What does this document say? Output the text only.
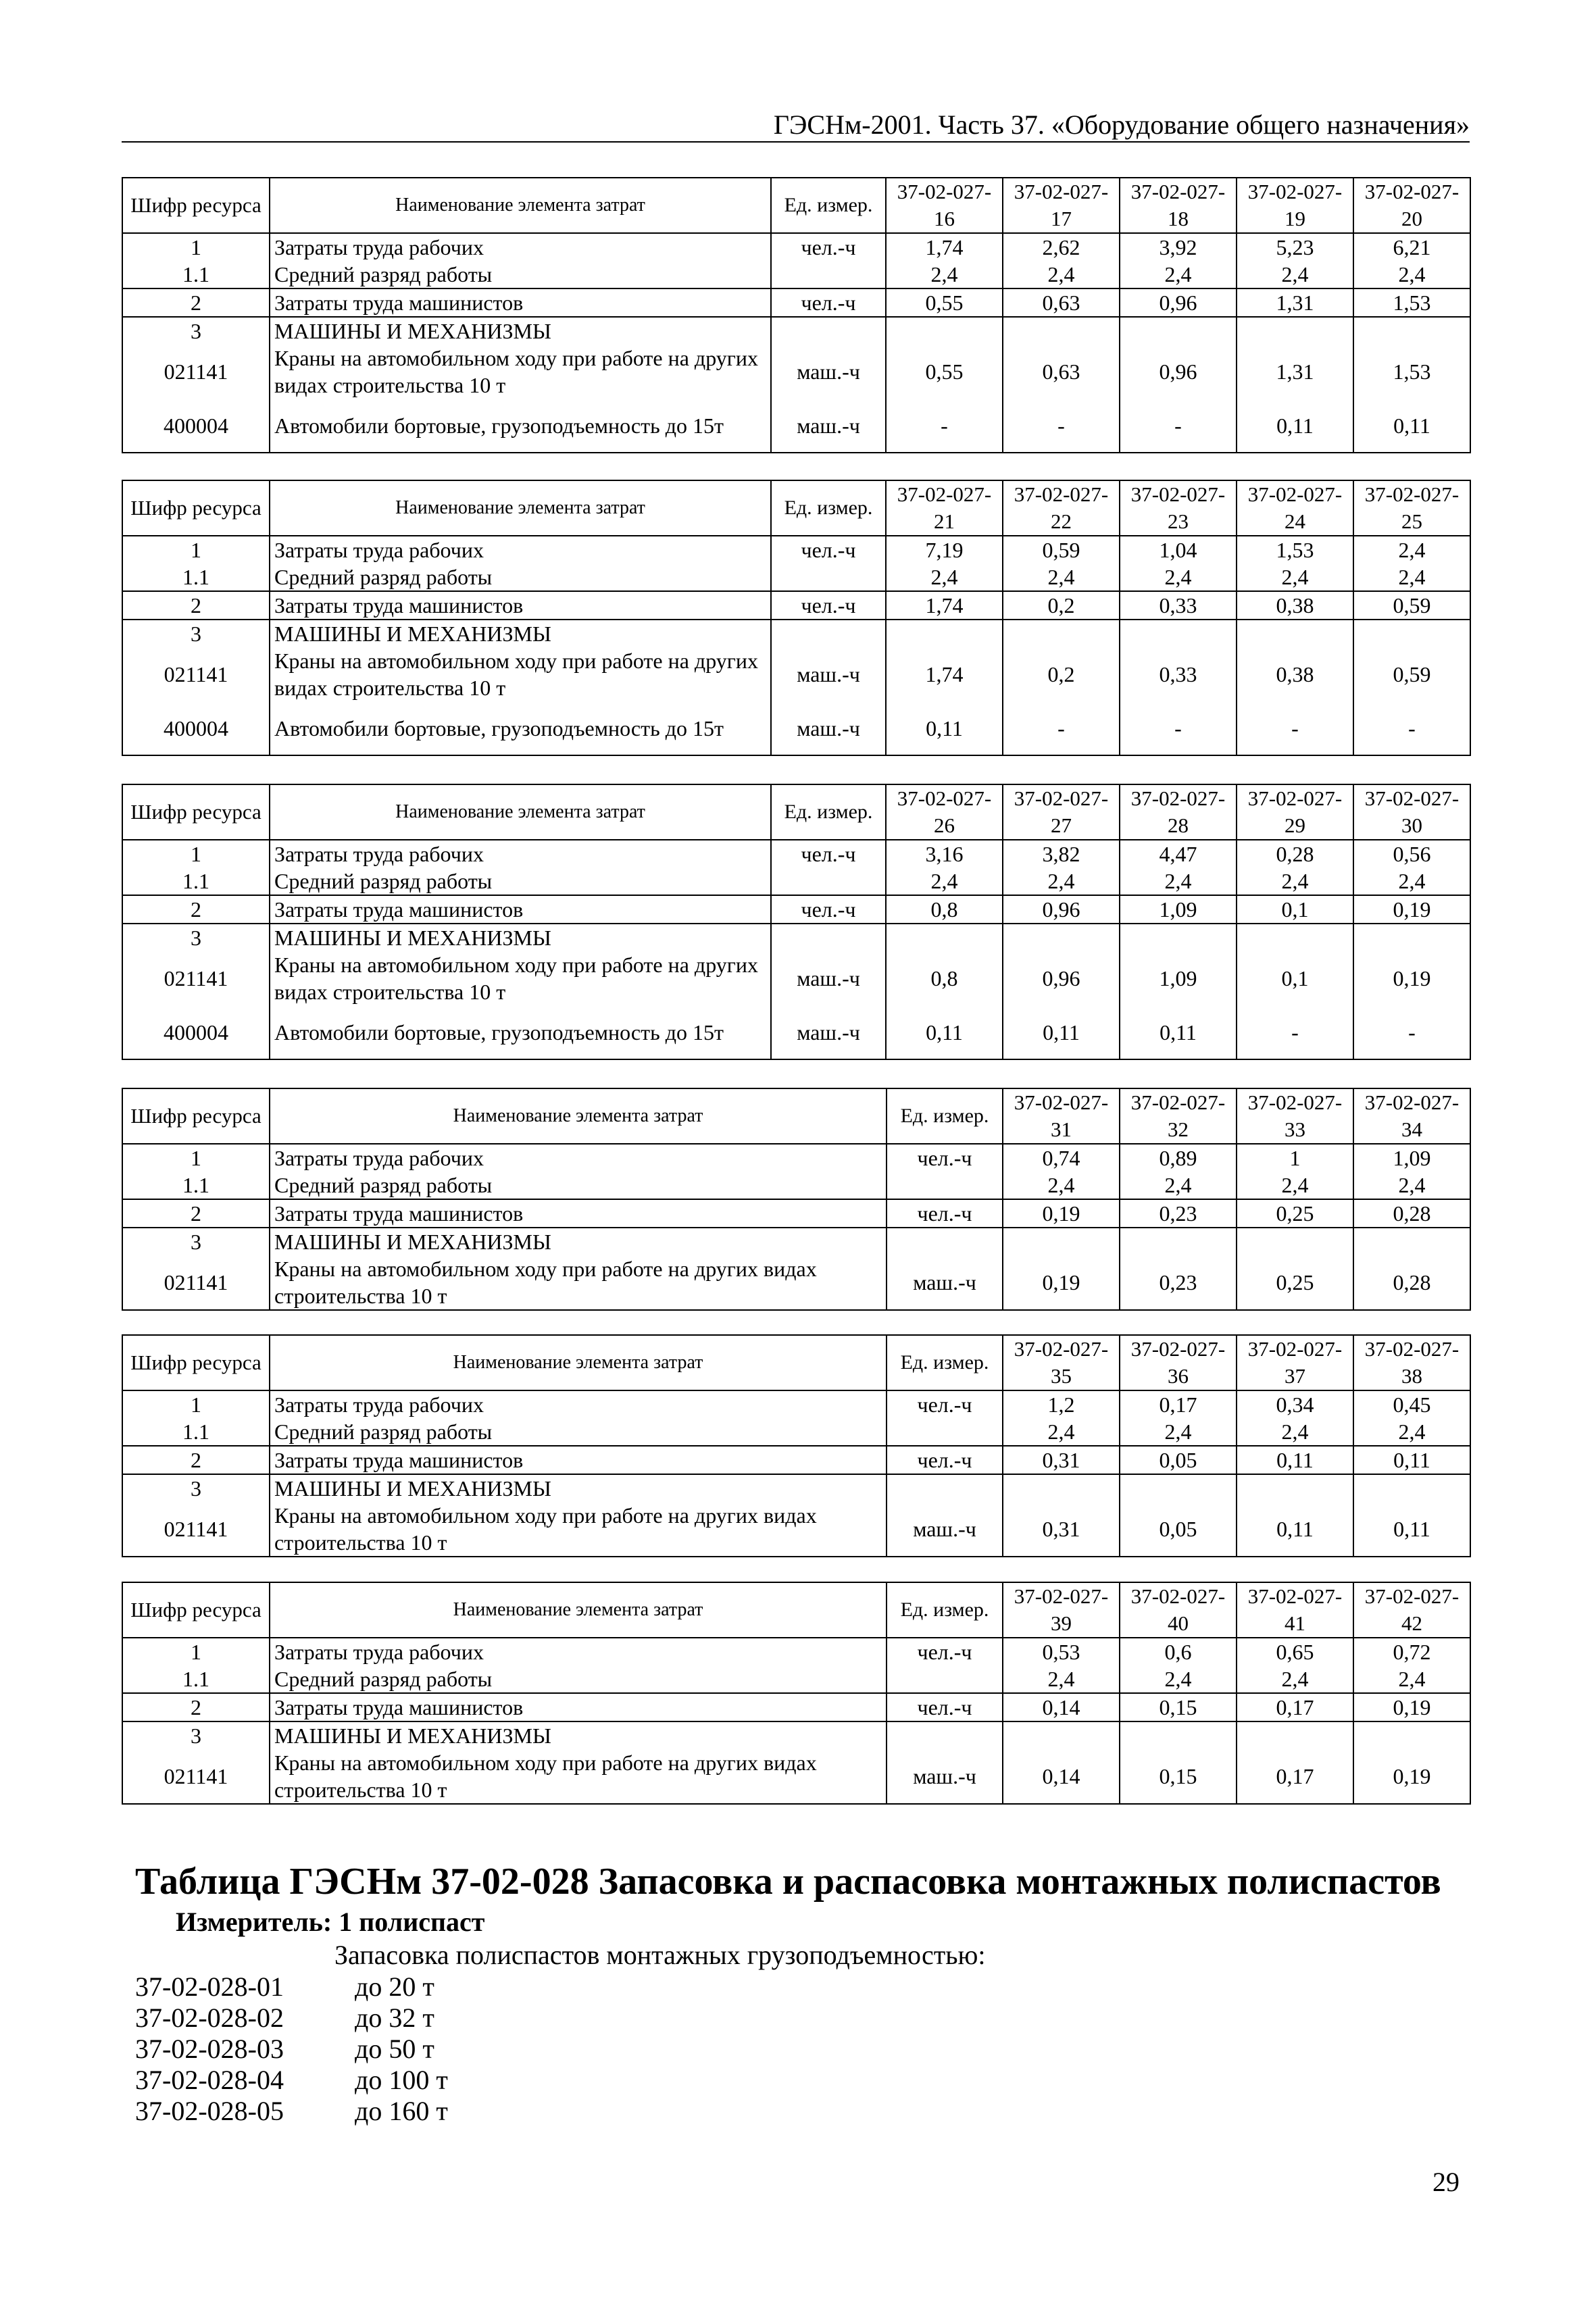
ГЭСНм-2001. Часть 37. «Оборудование общего назначения»
Шифр ресурса	Наименование элемента затрат	Ед. измер.	37-02-027-16	37-02-027-17	37-02-027-18	37-02-027-19	37-02-027-20
1	Затраты труда рабочих	чел.-ч	1,74	2,62	3,92	5,23	6,21
1.1	Средний разряд работы		2,4	2,4	2,4	2,4	2,4
2	Затраты труда машинистов	чел.-ч	0,55	0,63	0,96	1,31	1,53
3	МАШИНЫ И МЕХАНИЗМЫ						
021141	Краны на автомобильном ходу при работе на других видах строительства 10 т	маш.-ч	0,55	0,63	0,96	1,31	1,53
400004	Автомобили бортовые, грузоподъемность до 15т	маш.-ч	-	-	-	0,11	0,11
Шифр ресурса	Наименование элемента затрат	Ед. измер.	37-02-027-21	37-02-027-22	37-02-027-23	37-02-027-24	37-02-027-25
1	Затраты труда рабочих	чел.-ч	7,19	0,59	1,04	1,53	2,4
1.1	Средний разряд работы		2,4	2,4	2,4	2,4	2,4
2	Затраты труда машинистов	чел.-ч	1,74	0,2	0,33	0,38	0,59
3	МАШИНЫ И МЕХАНИЗМЫ						
021141	Краны на автомобильном ходу при работе на других видах строительства 10 т	маш.-ч	1,74	0,2	0,33	0,38	0,59
400004	Автомобили бортовые, грузоподъемность до 15т	маш.-ч	0,11	-	-	-	-
Шифр ресурса	Наименование элемента затрат	Ед. измер.	37-02-027-26	37-02-027-27	37-02-027-28	37-02-027-29	37-02-027-30
1	Затраты труда рабочих	чел.-ч	3,16	3,82	4,47	0,28	0,56
1.1	Средний разряд работы		2,4	2,4	2,4	2,4	2,4
2	Затраты труда машинистов	чел.-ч	0,8	0,96	1,09	0,1	0,19
3	МАШИНЫ И МЕХАНИЗМЫ						
021141	Краны на автомобильном ходу при работе на других видах строительства 10 т	маш.-ч	0,8	0,96	1,09	0,1	0,19
400004	Автомобили бортовые, грузоподъемность до 15т	маш.-ч	0,11	0,11	0,11	-	-
Шифр ресурса	Наименование элемента затрат	Ед. измер.	37-02-027-31	37-02-027-32	37-02-027-33	37-02-027-34
1	Затраты труда рабочих	чел.-ч	0,74	0,89	1	1,09
1.1	Средний разряд работы		2,4	2,4	2,4	2,4
2	Затраты труда машинистов	чел.-ч	0,19	0,23	0,25	0,28
3	МАШИНЫ И МЕХАНИЗМЫ					
021141	Краны на автомобильном ходу при работе на других видах строительства 10 т	маш.-ч	0,19	0,23	0,25	0,28
Шифр ресурса	Наименование элемента затрат	Ед. измер.	37-02-027-35	37-02-027-36	37-02-027-37	37-02-027-38
1	Затраты труда рабочих	чел.-ч	1,2	0,17	0,34	0,45
1.1	Средний разряд работы		2,4	2,4	2,4	2,4
2	Затраты труда машинистов	чел.-ч	0,31	0,05	0,11	0,11
3	МАШИНЫ И МЕХАНИЗМЫ					
021141	Краны на автомобильном ходу при работе на других видах строительства 10 т	маш.-ч	0,31	0,05	0,11	0,11
Шифр ресурса	Наименование элемента затрат	Ед. измер.	37-02-027-39	37-02-027-40	37-02-027-41	37-02-027-42
1	Затраты труда рабочих	чел.-ч	0,53	0,6	0,65	0,72
1.1	Средний разряд работы		2,4	2,4	2,4	2,4
2	Затраты труда машинистов	чел.-ч	0,14	0,15	0,17	0,19
3	МАШИНЫ И МЕХАНИЗМЫ					
021141	Краны на автомобильном ходу при работе на других видах строительства 10 т	маш.-ч	0,14	0,15	0,17	0,19
Таблица ГЭСНм 37-02-028 Запасовка и распасовка монтажных полиспастов
Измеритель: 1 полиспаст
Запасовка полиспастов монтажных грузоподъемностью:
37-02-028-01	до 20 т
37-02-028-02	до 32 т
37-02-028-03	до 50 т
37-02-028-04	до 100 т
37-02-028-05	до 160 т
29
